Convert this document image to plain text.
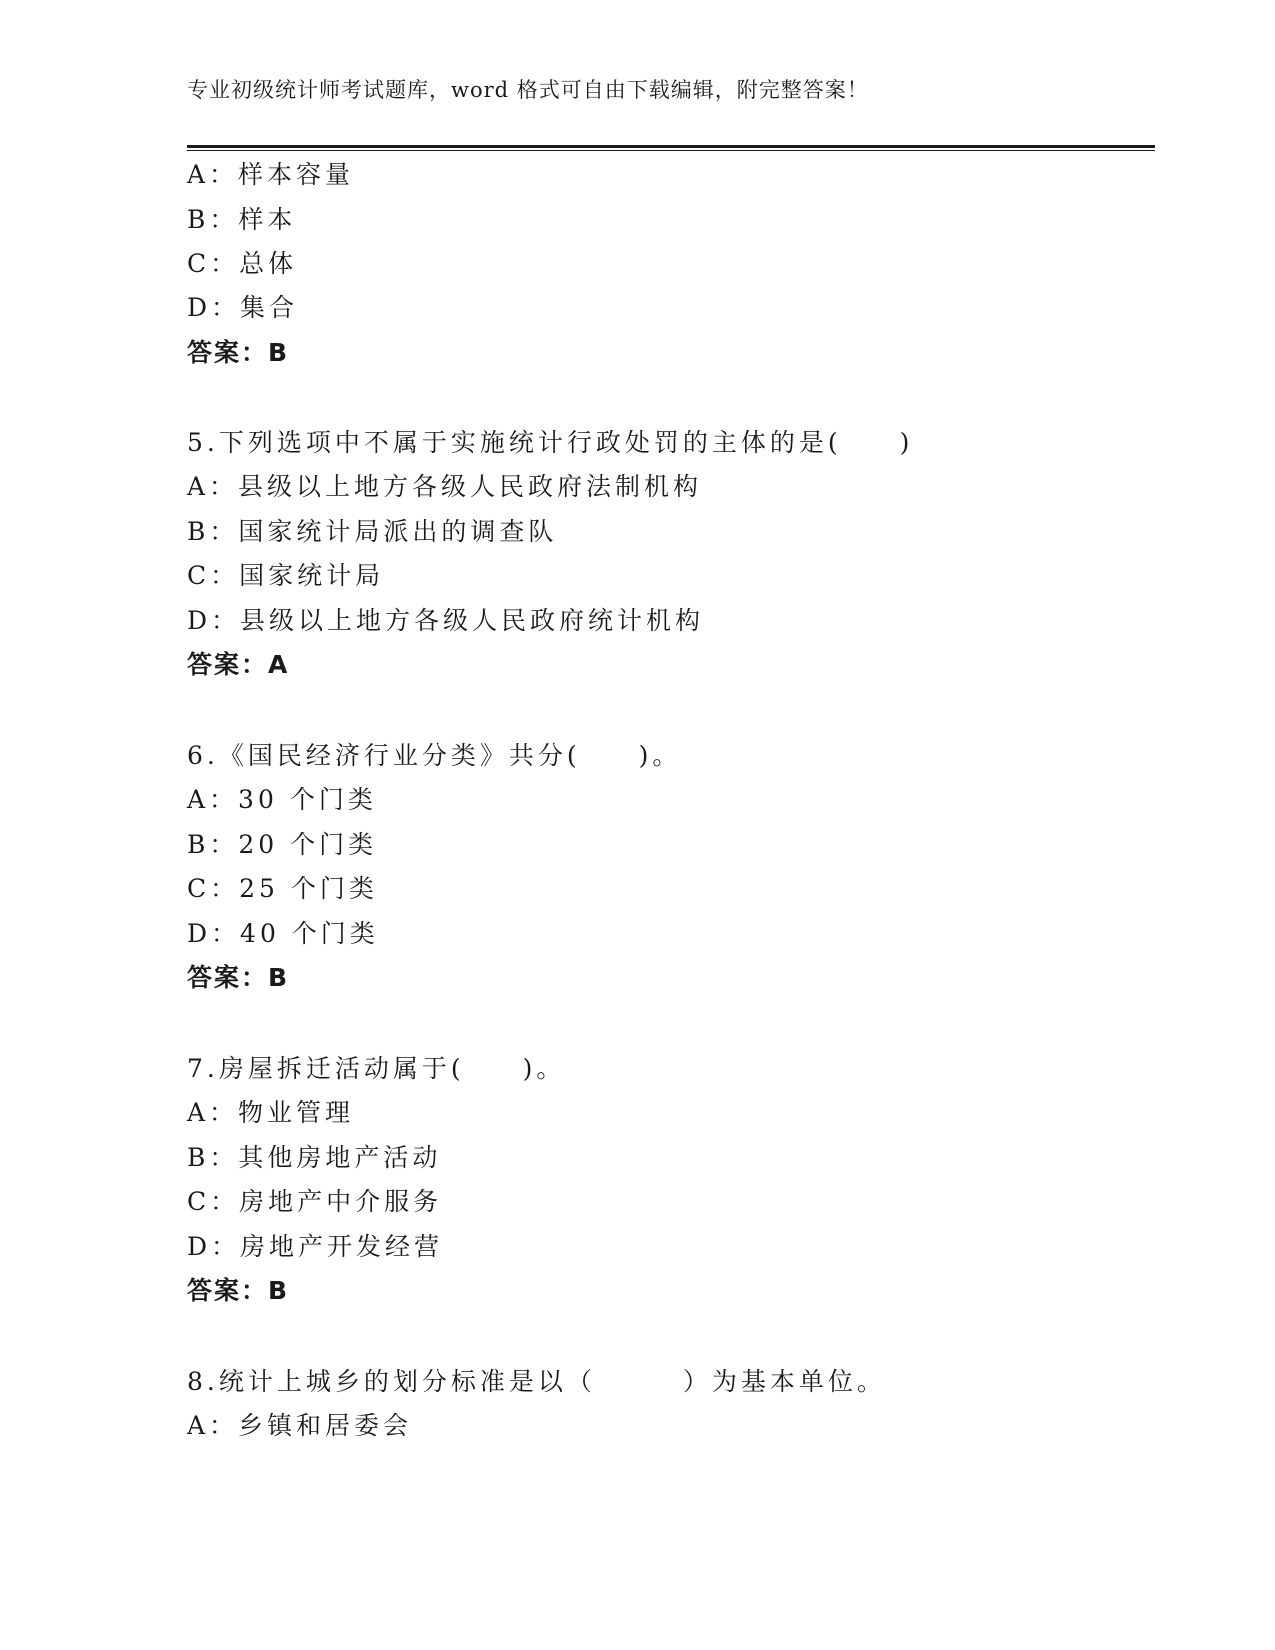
专业初级统计师考试题库，word 格式可自由下载编辑，附完整答案！
A：样本容量
B：样本
C：总体
D：集合
答案：B
5.下列选项中不属于实施统计行政处罚的主体的是(　　)
A：县级以上地方各级人民政府法制机构
B：国家统计局派出的调查队
C：国家统计局
D：县级以上地方各级人民政府统计机构
答案：A
6.《国民经济行业分类》共分(　　)。
A：30 个门类
B：20 个门类
C：25 个门类
D：40 个门类
答案：B
7.房屋拆迁活动属于(　　)。
A：物业管理
B：其他房地产活动
C：房地产中介服务
D：房地产开发经营
答案：B
8.统计上城乡的划分标准是以（　　　）为基本单位。
A：乡镇和居委会
